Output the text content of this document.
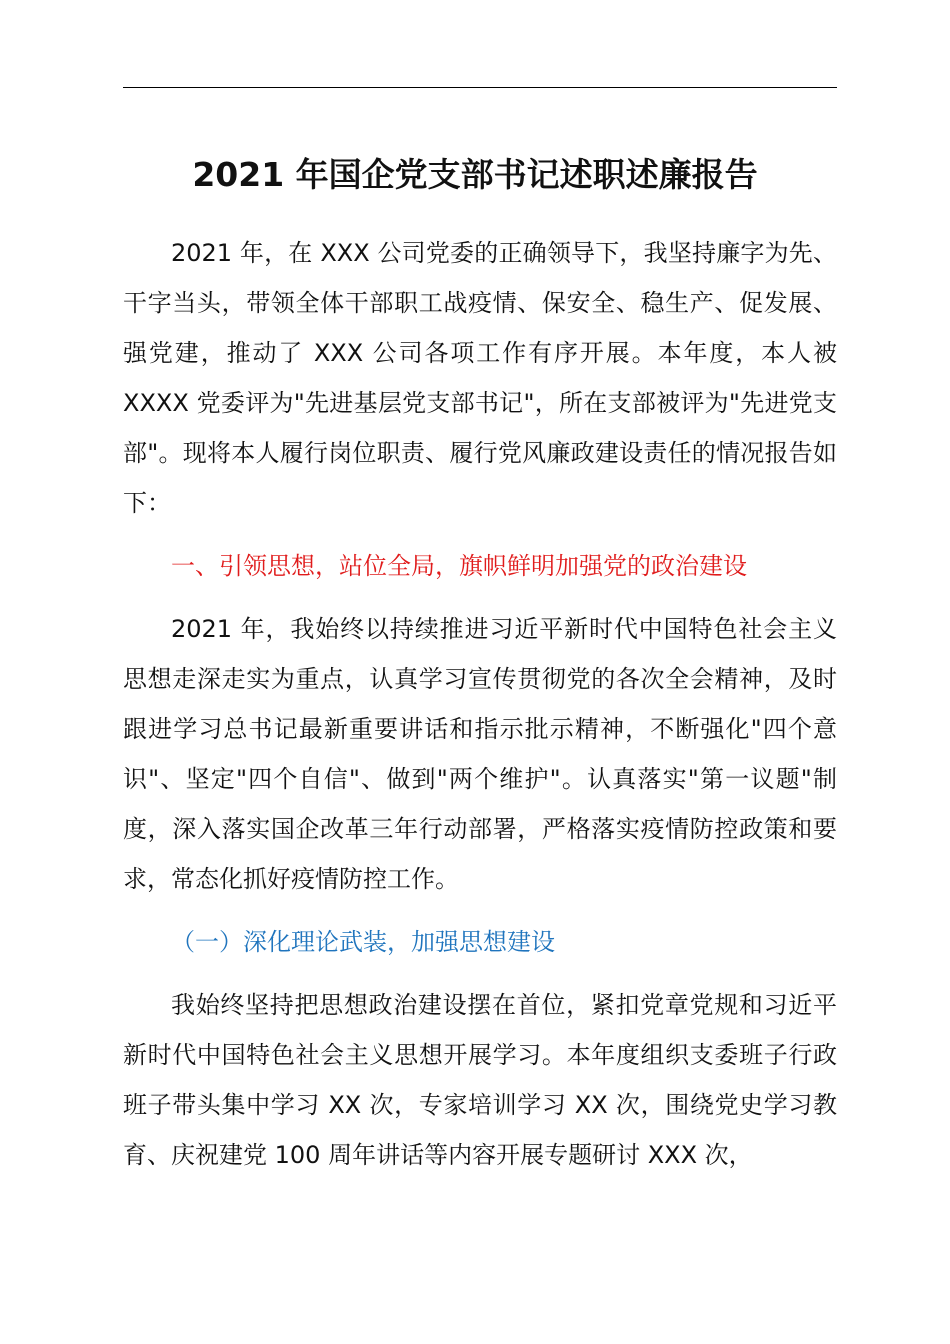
2021 年国企党支部书记述职述廉报告

2021 年，在 XXX 公司党委的正确领导下，我坚持廉字为先、干字当头，带领全体干部职工战疫情、保安全、稳生产、促发展、强党建，推动了 XXX 公司各项工作有序开展。本年度，本人被 XXXX 党委评为"先进基层党支部书记"，所在支部被评为"先进党支部"。现将本人履行岗位职责、履行党风廉政建设责任的情况报告如下：

一、引领思想，站位全局，旗帜鲜明加强党的政治建设

2021 年，我始终以持续推进习近平新时代中国特色社会主义思想走深走实为重点，认真学习宣传贯彻党的各次全会精神，及时跟进学习总书记最新重要讲话和指示批示精神，不断强化"四个意识"、坚定"四个自信"、做到"两个维护"。认真落实"第一议题"制度，深入落实国企改革三年行动部署，严格落实疫情防控政策和要求，常态化抓好疫情防控工作。

（一）深化理论武装，加强思想建设

我始终坚持把思想政治建设摆在首位，紧扣党章党规和习近平新时代中国特色社会主义思想开展学习。本年度组织支委班子行政班子带头集中学习 XX 次，专家培训学习 XX 次，围绕党史学习教育、庆祝建党 100 周年讲话等内容开展专题研讨 XXX 次，
